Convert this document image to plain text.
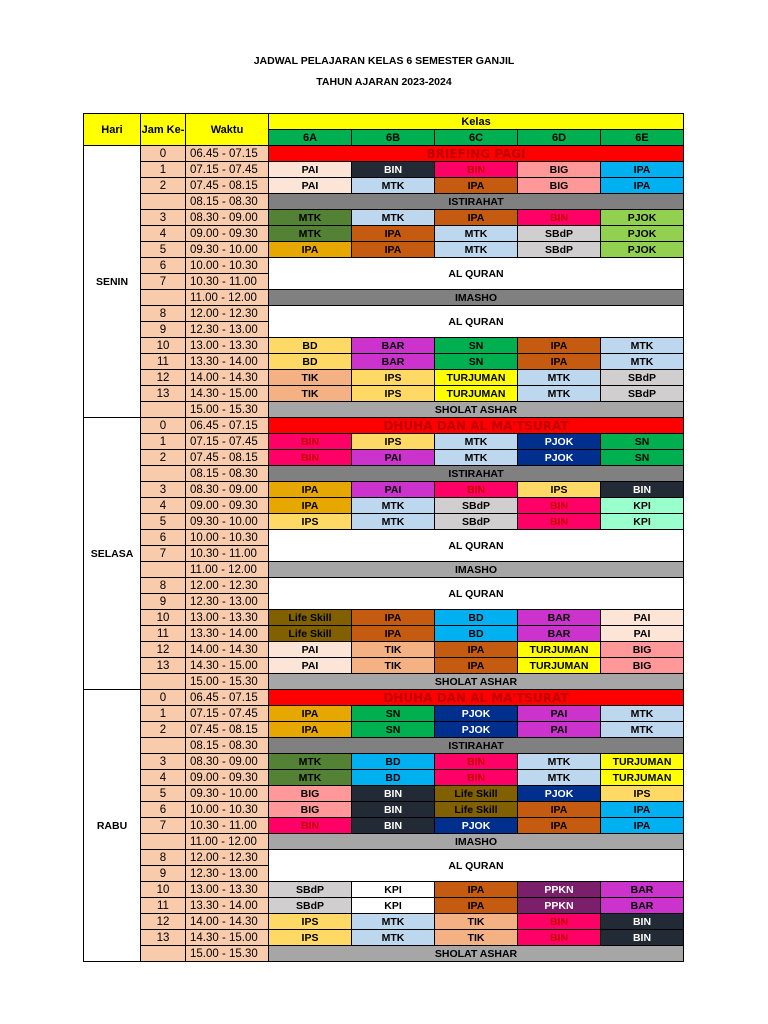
JADWAL PELAJARAN KELAS 6 SEMESTER GANJIL
TAHUN AJARAN 2023-2024
Hari	Jam Ke-	Waktu	Kelas				
			6A	6B	6C	6D	6E
SENIN	0	06.45 - 07.15	BRIEFING PAGI				
	1	07.15 - 07.45	PAI	BIN	BIN	BIG	IPA
	2	07.45 - 08.15	PAI	MTK	IPA	BIG	IPA
		08.15 - 08.30	ISTIRAHAT				
	3	08.30 - 09.00	MTK	MTK	IPA	BIN	PJOK
	4	09.00 - 09.30	MTK	IPA	MTK	SBdP	PJOK
	5	09.30 - 10.00	IPA	IPA	MTK	SBdP	PJOK
	6	10.00 - 10.30	AL QURAN				
	7	10.30 - 11.00					
		11.00 - 12.00	IMASHO				
	8	12.00 - 12.30	AL QURAN				
	9	12.30 - 13.00					
	10	13.00 - 13.30	BD	BAR	SN	IPA	MTK
	11	13.30 - 14.00	BD	BAR	SN	IPA	MTK
	12	14.00 - 14.30	TIK	IPS	TURJUMAN	MTK	SBdP
	13	14.30 - 15.00	TIK	IPS	TURJUMAN	MTK	SBdP
		15.00 - 15.30	SHOLAT ASHAR				
SELASA	0	06.45 - 07.15	DHUHA DAN AL MA'TSURAT				
	1	07.15 - 07.45	BIN	IPS	MTK	PJOK	SN
	2	07.45 - 08.15	BIN	PAI	MTK	PJOK	SN
		08.15 - 08.30	ISTIRAHAT				
	3	08.30 - 09.00	IPA	PAI	BIN	IPS	BIN
	4	09.00 - 09.30	IPA	MTK	SBdP	BIN	KPI
	5	09.30 - 10.00	IPS	MTK	SBdP	BIN	KPI
	6	10.00 - 10.30	AL QURAN				
	7	10.30 - 11.00					
		11.00 - 12.00	IMASHO				
	8	12.00 - 12.30	AL QURAN				
	9	12.30 - 13.00					
	10	13.00 - 13.30	Life Skill	IPA	BD	BAR	PAI
	11	13.30 - 14.00	Life Skill	IPA	BD	BAR	PAI
	12	14.00 - 14.30	PAI	TIK	IPA	TURJUMAN	BIG
	13	14.30 - 15.00	PAI	TIK	IPA	TURJUMAN	BIG
		15.00 - 15.30	SHOLAT ASHAR				
RABU	0	06.45 - 07.15	DHUHA DAN AL MA'TSURAT				
	1	07.15 - 07.45	IPA	SN	PJOK	PAI	MTK
	2	07.45 - 08.15	IPA	SN	PJOK	PAI	MTK
		08.15 - 08.30	ISTIRAHAT				
	3	08.30 - 09.00	MTK	BD	BIN	MTK	TURJUMAN
	4	09.00 - 09.30	MTK	BD	BIN	MTK	TURJUMAN
	5	09.30 - 10.00	BIG	BIN	Life Skill	PJOK	IPS
	6	10.00 - 10.30	BIG	BIN	Life Skill	IPA	IPA
	7	10.30 - 11.00	BIN	BIN	PJOK	IPA	IPA
		11.00 - 12.00	IMASHO				
	8	12.00 - 12.30	AL QURAN				
	9	12.30 - 13.00					
	10	13.00 - 13.30	SBdP	KPI	IPA	PPKN	BAR
	11	13.30 - 14.00	SBdP	KPI	IPA	PPKN	BAR
	12	14.00 - 14.30	IPS	MTK	TIK	BIN	BIN
	13	14.30 - 15.00	IPS	MTK	TIK	BIN	BIN
		15.00 - 15.30	SHOLAT ASHAR				
